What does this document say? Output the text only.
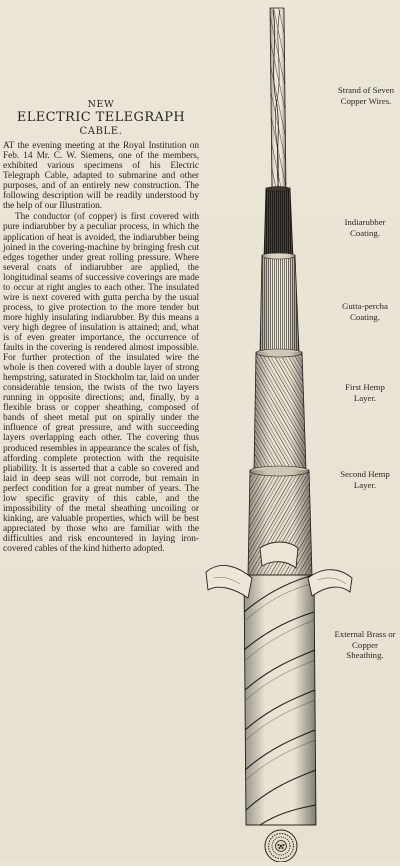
NEW
ELECTRIC TELEGRAPH
CABLE.

AT the evening meeting at the Royal Institution on Feb. 14 Mr. C. W. Siemens, one of the members, exhibited various specimens of his Electric Telegraph Cable, adapted to submarine and other purposes, and of an entirely new construction. The following description will be readily understood by the help of our Illustration.

The conductor (of copper) is first covered with pure indiarubber by a peculiar process, in which the application of heat is avoided, the indiarubber being joined in the covering-machine by bringing fresh cut edges together under great rolling pressure. Where several coats of indiarubber are applied, the longitudinal seams of successive coverings are made to occur at right angles to each other. The insulated wire is next covered with gutta percha by the usual process, to give protection to the more tender but more highly insulating indiarubber. By this means a very high degree of insulation is attained; and, what is of even greater importance, the occurrence of faults in the covering is rendered almost impossible. For further protection of the insulated wire the whole is then covered with a double layer of strong hempstring, saturated in Stockholm tar, laid on under considerable tension, the twists of the two layers running in opposite directions; and, finally, by a flexible brass or copper sheathing, composed of bands of sheet metal put on spirally under the influence of great pressure, and with succeeding layers overlapping each other. The covering thus produced resembles in appearance the scales of fish, affording complete protection with the requisite pliability. It is asserted that a cable so covered and laid in deep seas will not corrode, but remain in perfect condition for a great number of years. The low specific gravity of this cable, and the impossibility of the metal sheathing uncoiling or kinking, are valuable properties, which will be best appreciated by those who are familiar with the difficulties and risk encountered in laying iron-covered cables of the kind hitherto adopted.

Strand of Seven Copper Wires.
Indiarubber Coating.
Gutta-percha Coating.
First Hemp Layer.
Second Hemp Layer.
External Brass or Copper Sheathing.
